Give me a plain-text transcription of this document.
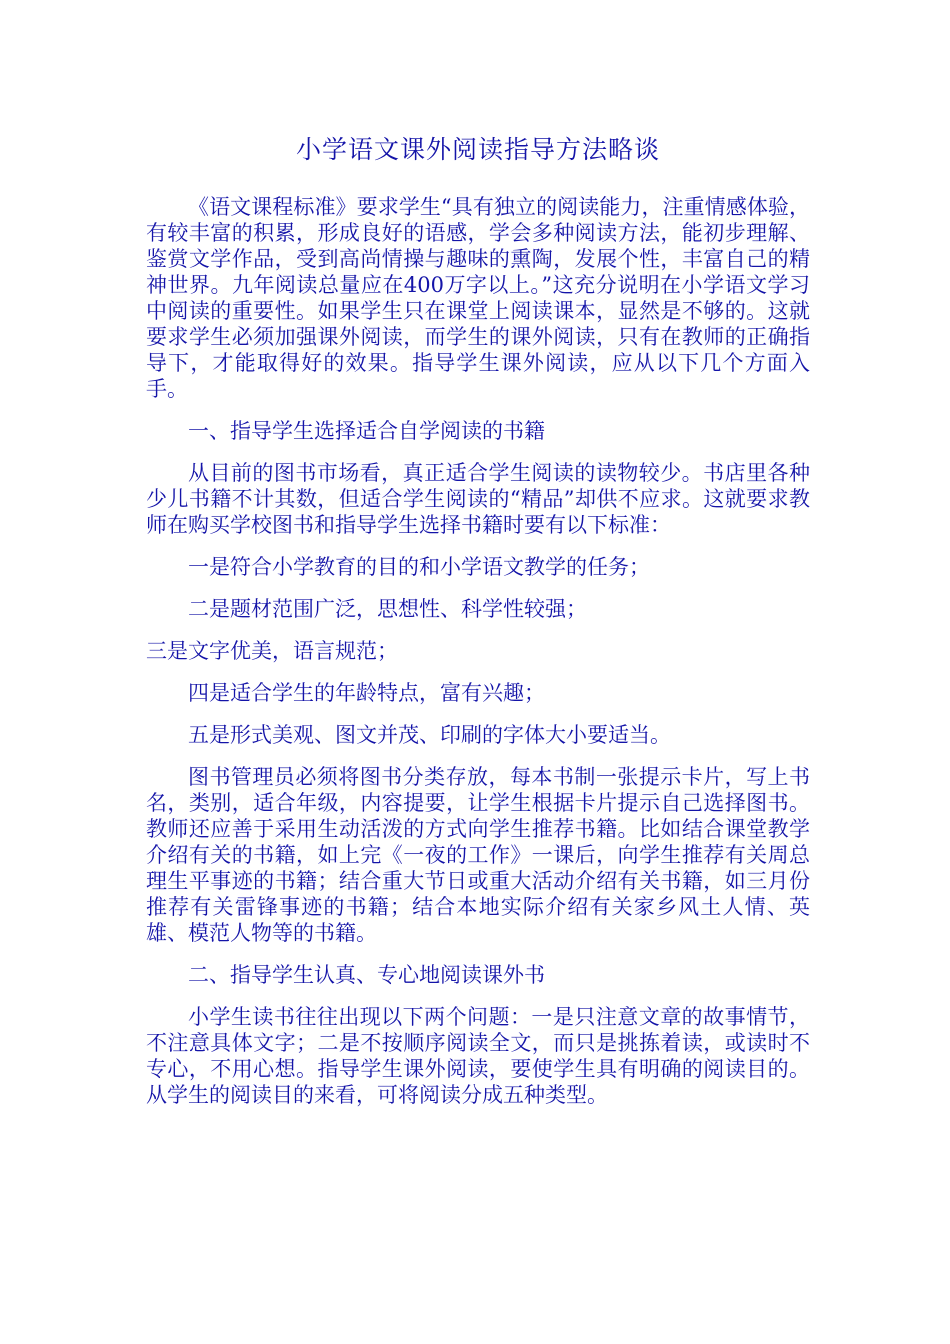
小学语文课外阅读指导方法略谈

《语文课程标准》要求学生“具有独立的阅读能力，注重情感体验，有较丰富的积累，形成良好的语感，学会多种阅读方法，能初步理解、鉴赏文学作品，受到高尚情操与趣味的熏陶，发展个性，丰富自己的精神世界。九年阅读总量应在400万字以上。”这充分说明在小学语文学习中阅读的重要性。如果学生只在课堂上阅读课本，显然是不够的。这就要求学生必须加强课外阅读，而学生的课外阅读，只有在教师的正确指导下，才能取得好的效果。指导学生课外阅读，应从以下几个方面入手。

一、指导学生选择适合自学阅读的书籍

从目前的图书市场看，真正适合学生阅读的读物较少。书店里各种少儿书籍不计其数，但适合学生阅读的“精品”却供不应求。这就要求教师在购买学校图书和指导学生选择书籍时要有以下标准：

一是符合小学教育的目的和小学语文教学的任务；

二是题材范围广泛，思想性、科学性较强；

三是文字优美，语言规范；

四是适合学生的年龄特点，富有兴趣；

五是形式美观、图文并茂、印刷的字体大小要适当。

图书管理员必须将图书分类存放，每本书制一张提示卡片，写上书名，类别，适合年级，内容提要，让学生根据卡片提示自己选择图书。教师还应善于采用生动活泼的方式向学生推荐书籍。比如结合课堂教学介绍有关的书籍，如上完《一夜的工作》一课后，向学生推荐有关周总理生平事迹的书籍；结合重大节日或重大活动介绍有关书籍，如三月份推荐有关雷锋事迹的书籍；结合本地实际介绍有关家乡风土人情、英雄、模范人物等的书籍。

二、指导学生认真、专心地阅读课外书

小学生读书往往出现以下两个问题：一是只注意文章的故事情节，不注意具体文字；二是不按顺序阅读全文，而只是挑拣着读，或读时不专心，不用心想。指导学生课外阅读，要使学生具有明确的阅读目的。从学生的阅读目的来看，可将阅读分成五种类型。
